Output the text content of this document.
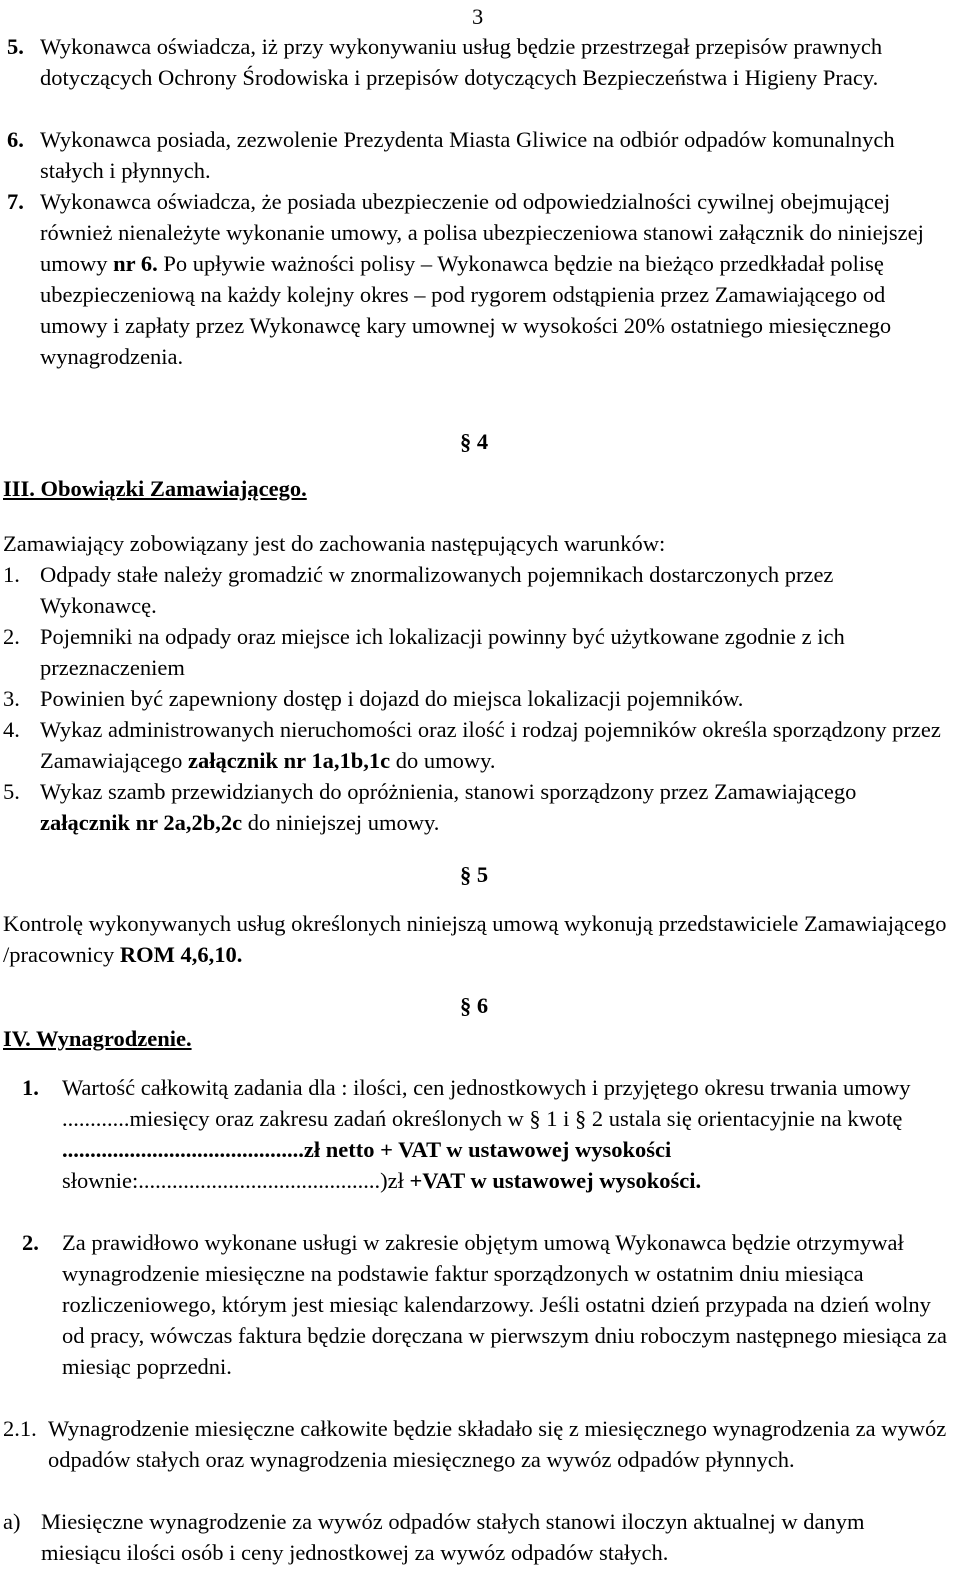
3
5. Wykonawca oświadcza, iż przy wykonywaniu usług będzie przestrzegał przepisów prawnych dotyczących Ochrony Środowiska i przepisów dotyczących Bezpieczeństwa i Higieny Pracy.
6. Wykonawca posiada, zezwolenie Prezydenta Miasta Gliwice na odbiór odpadów komunalnych stałych i płynnych.
7. Wykonawca oświadcza, że posiada ubezpieczenie od odpowiedzialności cywilnej obejmującej również nienależyte wykonanie umowy, a polisa ubezpieczeniowa stanowi załącznik do niniejszej umowy nr 6. Po upływie ważności polisy – Wykonawca będzie na bieżąco przedkładał polisę ubezpieczeniową na każdy kolejny okres – pod rygorem odstąpienia przez Zamawiającego od umowy i zapłaty przez Wykonawcę kary umownej w wysokości 20% ostatniego miesięcznego wynagrodzenia.
§ 4
III. Obowiązki Zamawiającego.
Zamawiający zobowiązany jest do zachowania następujących warunków:
1. Odpady stałe należy gromadzić w znormalizowanych pojemnikach dostarczonych przez Wykonawcę.
2. Pojemniki na odpady oraz miejsce ich lokalizacji powinny być użytkowane zgodnie z ich przeznaczeniem
3. Powinien być zapewniony dostęp i dojazd do miejsca lokalizacji pojemników.
4. Wykaz administrowanych nieruchomości oraz ilość i rodzaj pojemników określa sporządzony przez Zamawiającego załącznik nr 1a,1b,1c do umowy.
5. Wykaz szamb przewidzianych do opróżnienia, stanowi sporządzony przez Zamawiającego załącznik nr 2a,2b,2c do niniejszej umowy.
§ 5
Kontrolę wykonywanych usług określonych niniejszą umową wykonują przedstawiciele Zamawiającego /pracownicy ROM 4,6,10.
§ 6
IV. Wynagrodzenie.
1. Wartość całkowitą zadania dla : ilości, cen jednostkowych i przyjętego okresu trwania umowy ............miesięcy oraz zakresu zadań określonych w § 1 i § 2 ustala się orientacyjnie na kwotę ...........................................zł netto + VAT w ustawowej wysokości
słownie:...........................................)zł +VAT w ustawowej wysokości.
2. Za prawidłowo wykonane usługi w zakresie objętym umową Wykonawca będzie otrzymywał wynagrodzenie miesięczne na podstawie faktur sporządzonych w ostatnim dniu miesiąca rozliczeniowego, którym jest miesiąc kalendarzowy. Jeśli ostatni dzień przypada na dzień wolny od pracy, wówczas faktura będzie doręczana w pierwszym dniu roboczym następnego miesiąca za miesiąc poprzedni.
2.1. Wynagrodzenie miesięczne całkowite będzie składało się z miesięcznego wynagrodzenia za wywóz odpadów stałych oraz wynagrodzenia miesięcznego za wywóz odpadów płynnych.
a) Miesięczne wynagrodzenie za wywóz odpadów stałych stanowi iloczyn aktualnej w danym miesiącu ilości osób i ceny jednostkowej za wywóz odpadów stałych.
